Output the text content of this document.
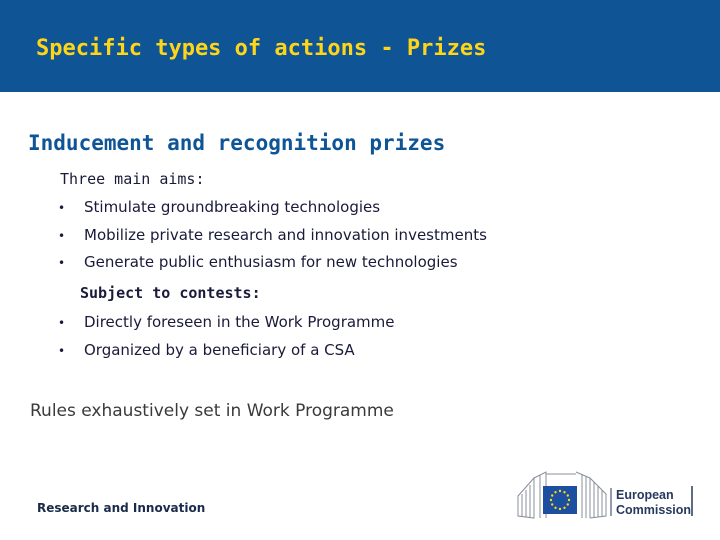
Specific types of actions - Prizes
Inducement and recognition prizes
Three main aims:
• Stimulate groundbreaking technologies
• Mobilize private research and innovation investments
• Generate public enthusiasm for new technologies
Subject to contests:
• Directly foreseen in the Work Programme
• Organized by a beneficiary of a CSA
Rules exhaustively set in Work Programme
Research and Innovation
European
Commission
